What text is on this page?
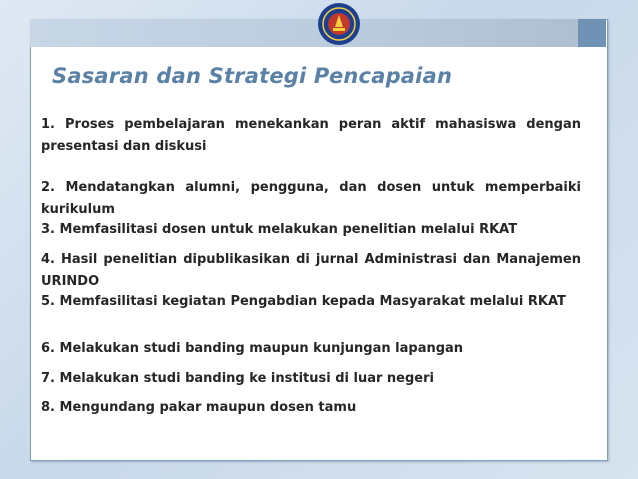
Sasaran dan Strategi Pencapaian
1. Proses pembelajaran menekankan peran aktif mahasiswa dengan presentasi dan diskusi
2. Mendatangkan alumni, pengguna, dan dosen untuk memperbaiki kurikulum
3. Memfasilitasi dosen untuk melakukan penelitian melalui RKAT
4. Hasil penelitian dipublikasikan di jurnal Administrasi dan Manajemen URINDO
5. Memfasilitasi kegiatan Pengabdian kepada Masyarakat melalui RKAT
6. Melakukan studi banding maupun kunjungan lapangan
7. Melakukan studi banding ke institusi di luar negeri
8. Mengundang pakar maupun dosen tamu
